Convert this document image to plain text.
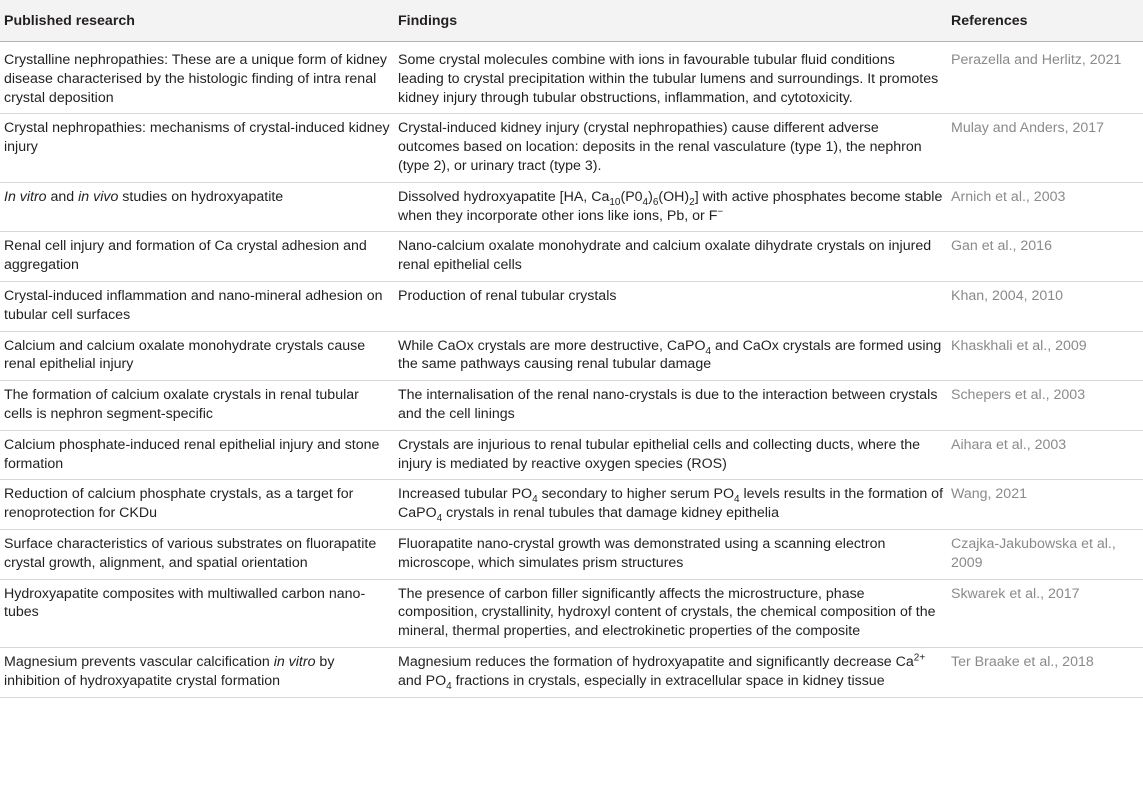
Published research	Findings	References
Crystalline nephropathies: These are a unique form of kidney disease characterised by the histologic finding of intra renal crystal deposition	Some crystal molecules combine with ions in favourable tubular fluid conditions leading to crystal precipitation within the tubular lumens and surroundings. It promotes kidney injury through tubular obstructions, inflammation, and cytotoxicity.	Perazella and Herlitz, 2021
Crystal nephropathies: mechanisms of crystal-induced kidney injury	Crystal-induced kidney injury (crystal nephropathies) cause different adverse outcomes based on location: deposits in the renal vasculature (type 1), the nephron (type 2), or urinary tract (type 3).	Mulay and Anders, 2017
In vitro and in vivo studies on hydroxyapatite	Dissolved hydroxyapatite [HA, $Ca_{10}(P0_4)_6(OH)_2$] with active phosphates become stable when they incorporate other ions like ions, Pb, or F−	Arnich et al., 2003
Renal cell injury and formation of Ca crystal adhesion and aggregation	Nano-calcium oxalate monohydrate and calcium oxalate dihydrate crystals on injured renal epithelial cells	Gan et al., 2016
Crystal-induced inflammation and nano-mineral adhesion on tubular cell surfaces	Production of renal tubular crystals	Khan, 2004, 2010
Calcium and calcium oxalate monohydrate crystals cause renal epithelial injury	While CaOx crystals are more destructive, CaPO$_4$ and CaOx crystals are formed using the same pathways causing renal tubular damage	Khaskhali et al., 2009
The formation of calcium oxalate crystals in renal tubular cells is nephron segment-specific	The internalisation of the renal nano-crystals is due to the interaction between crystals and the cell linings	Schepers et al., 2003
Calcium phosphate-induced renal epithelial injury and stone formation	Crystals are injurious to renal tubular epithelial cells and collecting ducts, where the injury is mediated by reactive oxygen species (ROS)	Aihara et al., 2003
Reduction of calcium phosphate crystals, as a target for renoprotection for CKDu	Increased tubular $PO_4$ secondary to higher serum $PO_4$ levels results in the formation of CaPO$_4$ crystals in renal tubules that damage kidney epithelia	Wang, 2021
Surface characteristics of various substrates on fluorapatite crystal growth, alignment, and spatial orientation	Fluorapatite nano-crystal growth was demonstrated using a scanning electron microscope, which simulates prism structures	Czajka-Jakubowska et al., 2009
Hydroxyapatite composites with multiwalled carbon nano-tubes	The presence of carbon filler significantly affects the microstructure, phase composition, crystallinity, hydroxyl content of crystals, the chemical composition of the mineral, thermal properties, and electrokinetic properties of the composite	Skwarek et al., 2017
Magnesium prevents vascular calcification in vitro by inhibition of hydroxyapatite crystal formation	Magnesium reduces the formation of hydroxyapatite and significantly decrease $Ca^{2+}$ and $PO_4$ fractions in crystals, especially in extracellular space in kidney tissue	Ter Braake et al., 2018
